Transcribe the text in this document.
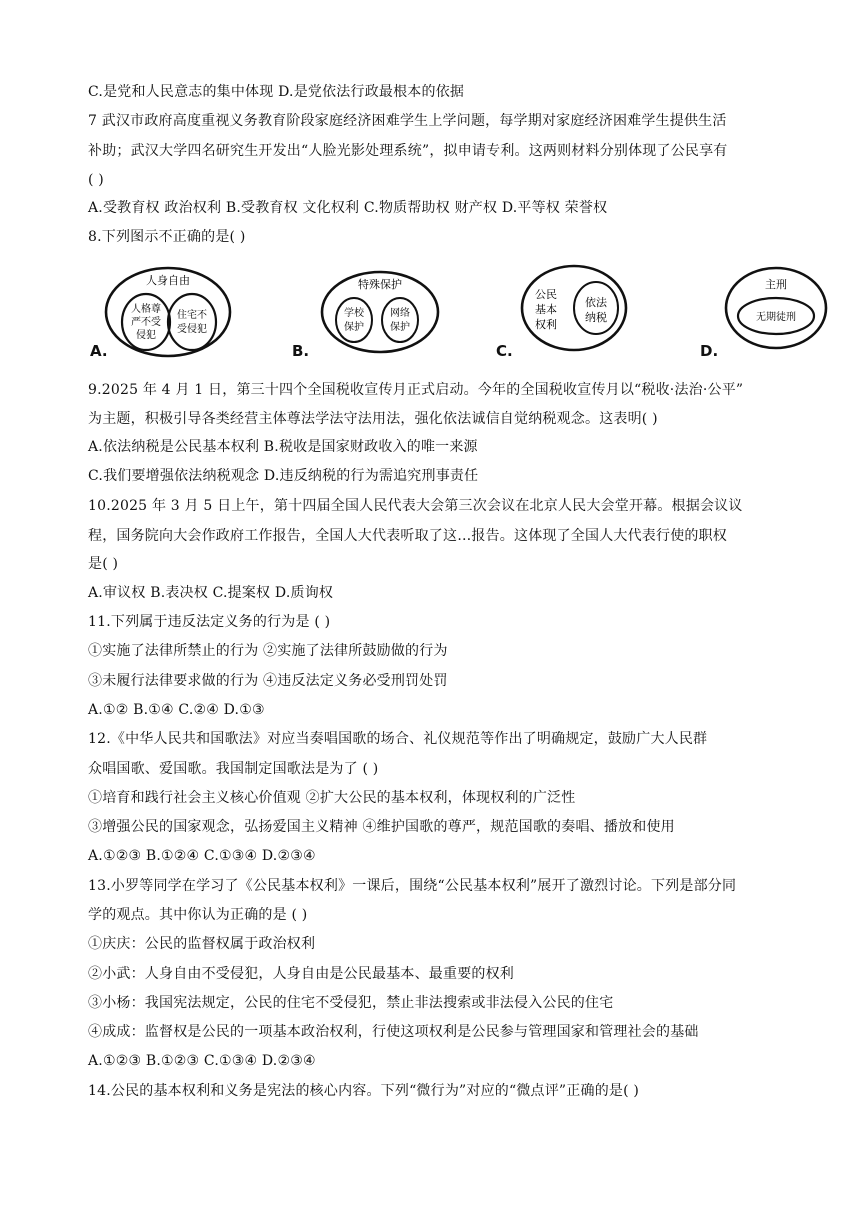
C.是党和人民意志的集中体现 D.是党依法行政最根本的依据
7 武汉市政府高度重视义务教育阶段家庭经济困难学生上学问题，每学期对家庭经济困难学生提供生活
补助；武汉大学四名研究生开发出“人脸光影处理系统”，拟申请专利。这两则材料分别体现了公民享有
( )
A.受教育权 政治权利 B.受教育权 文化权利 C.物质帮助权 财产权 D.平等权 荣誉权
8.下列图示不正确的是( )
人身自由
人格尊
严不受
侵犯
住宅不
受侵犯
A.
特殊保护
学校
保护
网络
保护
B.
公民
基本
权利
依法
纳税
C.
主刑
无期徒刑
D.
9.2025 年 4 月 1 日，第三十四个全国税收宣传月正式启动。今年的全国税收宣传月以“税收·法治·公平”
为主题，积极引导各类经营主体尊法学法守法用法，强化依法诚信自觉纳税观念。这表明( )
A.依法纳税是公民基本权利 B.税收是国家财政收入的唯一来源
C.我们要增强依法纳税观念 D.违反纳税的行为需追究刑事责任
10.2025 年 3 月 5 日上午，第十四届全国人民代表大会第三次会议在北京人民大会堂开幕。根据会议议
程，国务院向大会作政府工作报告，全国人大代表听取了这…报告。这体现了全国人大代表行使的职权
是( )
A.审议权 B.表决权 C.提案权 D.质询权
11.下列属于违反法定义务的行为是 ( )
①实施了法律所禁止的行为 ②实施了法律所鼓励做的行为
③未履行法律要求做的行为 ④违反法定义务必受刑罚处罚
A.①② B.①④ C.②④ D.①③
12.《中华人民共和国歌法》对应当奏唱国歌的场合、礼仪规范等作出了明确规定，鼓励广大人民群
众唱国歌、爱国歌。我国制定国歌法是为了 ( )
①培育和践行社会主义核心价值观 ②扩大公民的基本权利，体现权利的广泛性
③增强公民的国家观念，弘扬爱国主义精神 ④维护国歌的尊严，规范国歌的奏唱、播放和使用
A.①②③ B.①②④ C.①③④ D.②③④
13.小罗等同学在学习了《公民基本权利》一课后，围绕“公民基本权利”展开了激烈讨论。下列是部分同
学的观点。其中你认为正确的是 ( )
①庆庆：公民的监督权属于政治权利
②小武：人身自由不受侵犯，人身自由是公民最基本、最重要的权利
③小杨：我国宪法规定，公民的住宅不受侵犯，禁止非法搜索或非法侵入公民的住宅
④成成：监督权是公民的一项基本政治权利，行使这项权利是公民参与管理国家和管理社会的基础
A.①②③ B.①②③ C.①③④ D.②③④
14.公民的基本权利和义务是宪法的核心内容。下列“微行为”对应的“微点评”正确的是( )
